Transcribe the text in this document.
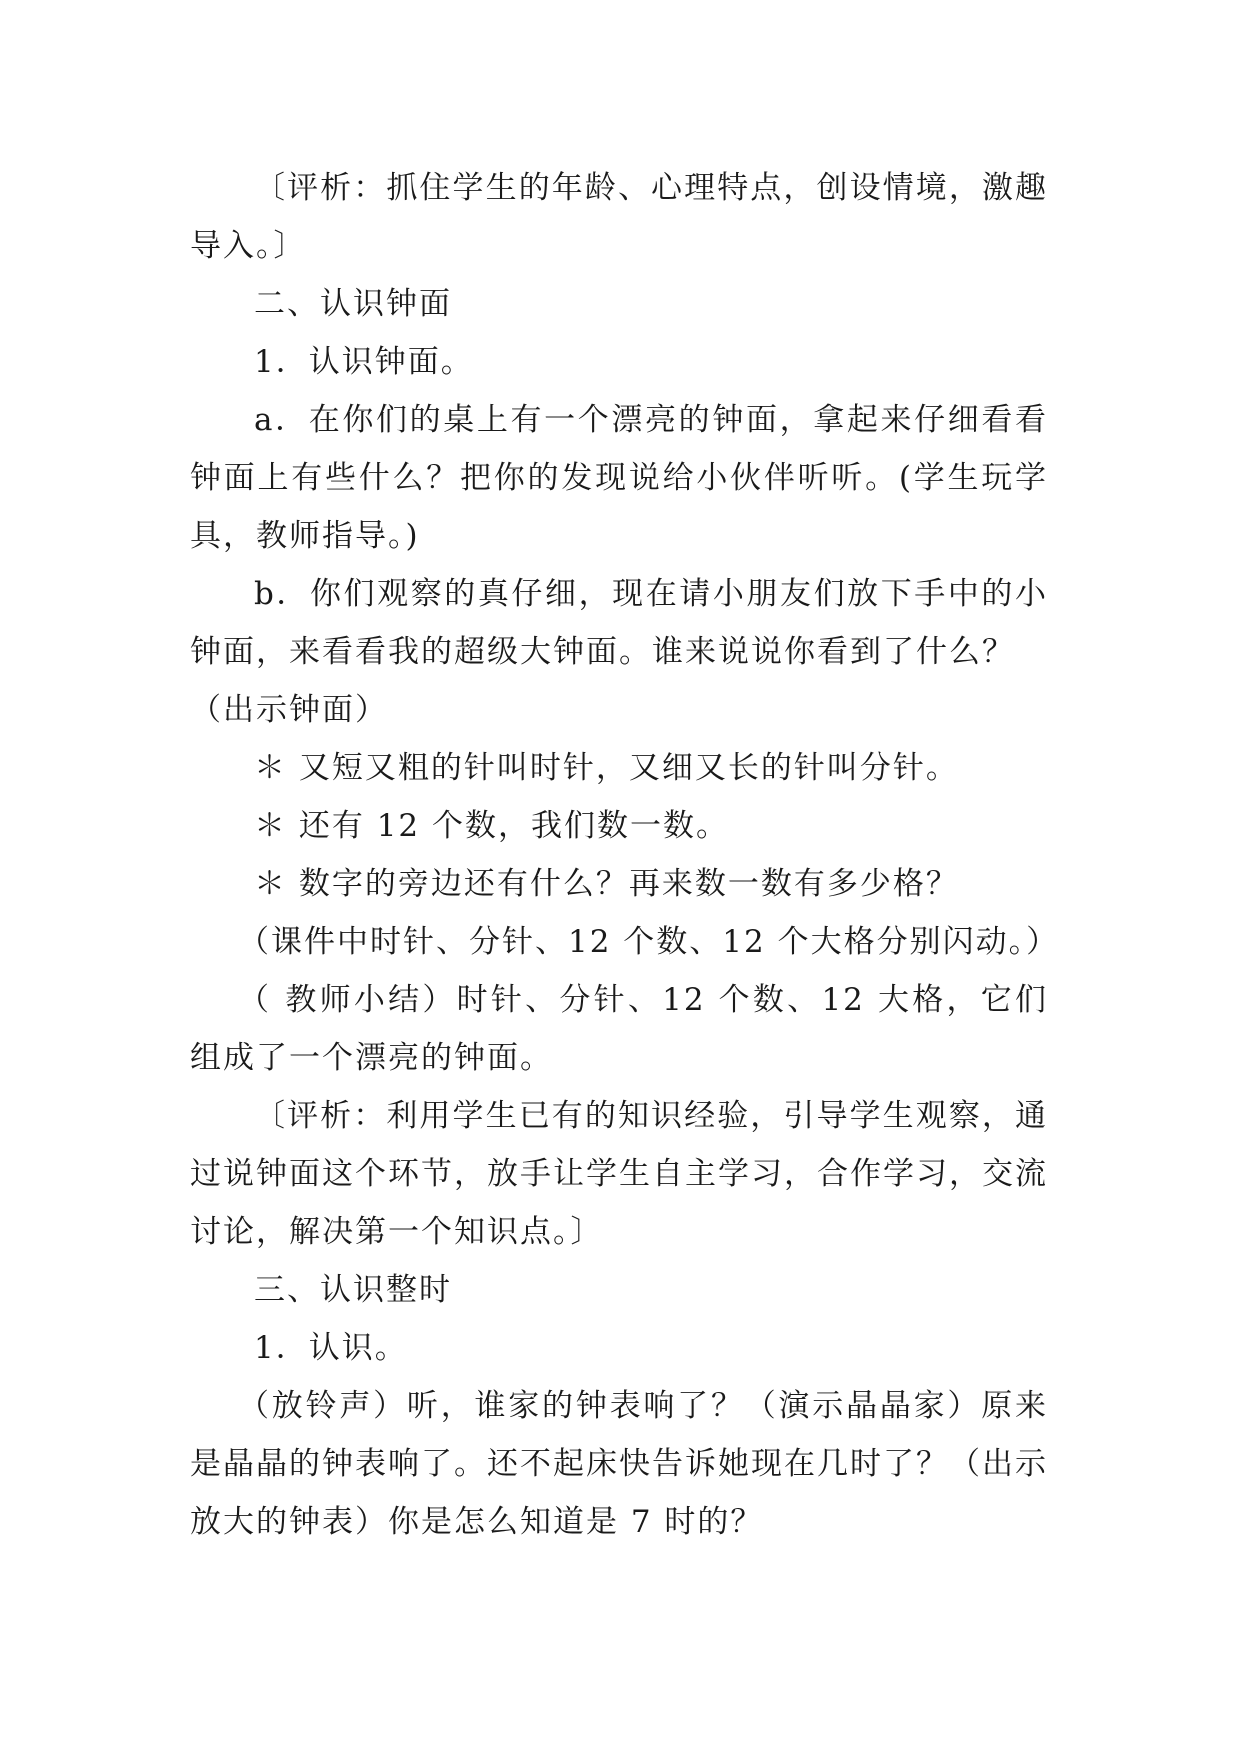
〔评析：抓住学生的年龄、心理特点，创设情境，激趣导入。〕

二、认识钟面

1．认识钟面。

a．在你们的桌上有一个漂亮的钟面，拿起来仔细看看钟面上有些什么？把你的发现说给小伙伴听听。(学生玩学具，教师指导。)

b．你们观察的真仔细，现在请小朋友们放下手中的小钟面，来看看我的超级大钟面。谁来说说你看到了什么？

（出示钟面）

＊ 又短又粗的针叫时针，又细又长的针叫分针。

＊ 还有 12 个数，我们数一数。

＊ 数字的旁边还有什么？再来数一数有多少格？

（课件中时针、分针、12 个数、12 个大格分别闪动。）

（ 教师小结）时针、分针、12 个数、12 大格，它们组成了一个漂亮的钟面。

〔评析：利用学生已有的知识经验，引导学生观察，通过说钟面这个环节，放手让学生自主学习，合作学习，交流讨论，解决第一个知识点。〕

三、认识整时

1．认识。

（放铃声）听，谁家的钟表响了？（演示晶晶家）原来是晶晶的钟表响了。还不起床快告诉她现在几时了？（出示放大的钟表）你是怎么知道是 7 时的？
